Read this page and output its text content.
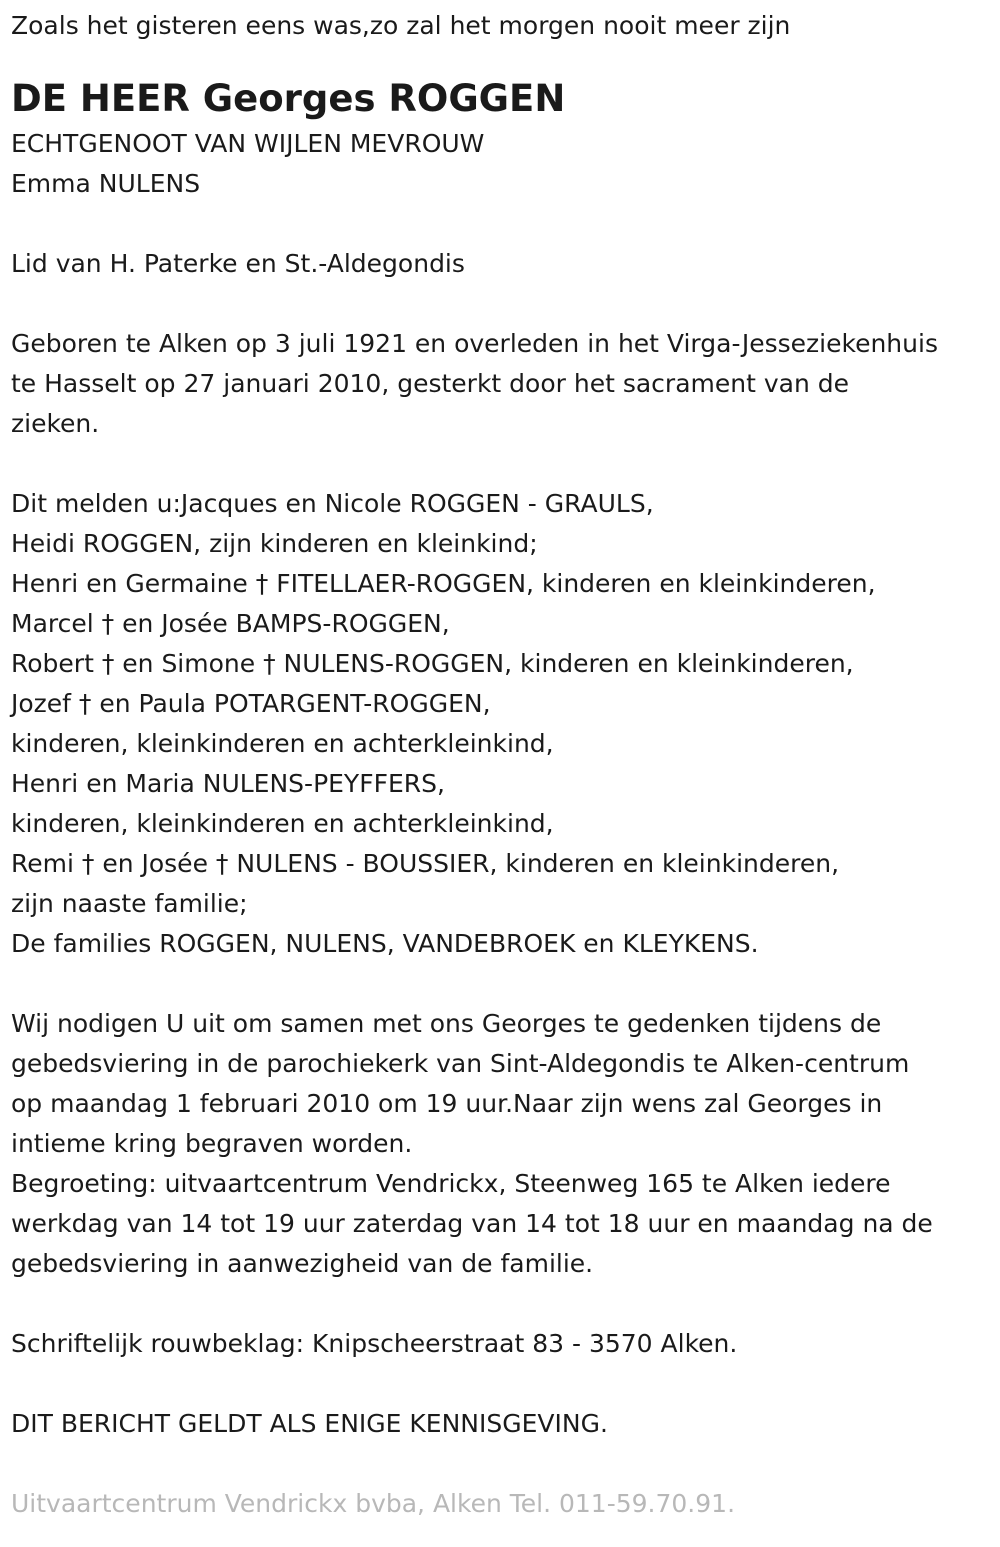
Zoals het gisteren eens was,zo zal het morgen nooit meer zijn

DE HEER Georges ROGGEN

ECHTGENOOT VAN WIJLEN MEVROUW

Emma NULENS

Lid van H. Paterke en St.-Aldegondis

Geboren te Alken op 3 juli 1921 en overleden in het Virga-Jesseziekenhuis

te Hasselt op 27 januari 2010, gesterkt door het sacrament van de

zieken.

Dit melden u:Jacques en Nicole ROGGEN - GRAULS,

Heidi ROGGEN, zijn kinderen en kleinkind;

Henri en Germaine † FITELLAER-ROGGEN, kinderen en kleinkinderen,

Marcel † en Josée BAMPS-ROGGEN,

Robert † en Simone † NULENS-ROGGEN, kinderen en kleinkinderen,

Jozef † en Paula POTARGENT-ROGGEN,

kinderen, kleinkinderen en achterkleinkind,

Henri en Maria NULENS-PEYFFERS,

kinderen, kleinkinderen en achterkleinkind,

Remi † en Josée † NULENS - BOUSSIER, kinderen en kleinkinderen,

zijn naaste familie;

De families ROGGEN, NULENS, VANDEBROEK en KLEYKENS.

Wij nodigen U uit om samen met ons Georges te gedenken tijdens de

gebedsviering in de parochiekerk van Sint-Aldegondis te Alken-centrum

op maandag 1 februari 2010 om 19 uur.Naar zijn wens zal Georges in

intieme kring begraven worden.

Begroeting: uitvaartcentrum Vendrickx, Steenweg 165 te Alken iedere

werkdag van 14 tot 19 uur zaterdag van 14 tot 18 uur en maandag na de

gebedsviering in aanwezigheid van de familie.

Schriftelijk rouwbeklag: Knipscheerstraat 83 - 3570 Alken.

DIT BERICHT GELDT ALS ENIGE KENNISGEVING.

Uitvaartcentrum Vendrickx bvba, Alken Tel. 011-59.70.91.
